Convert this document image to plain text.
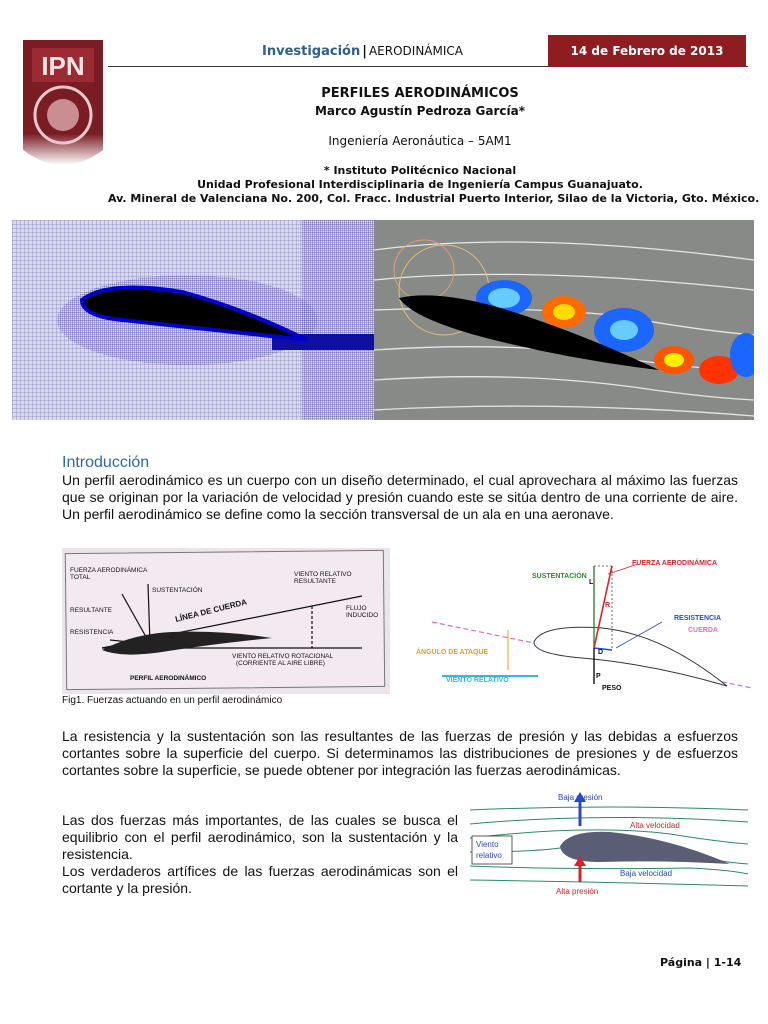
IPN	Investigación | AERODINÁMICA	14 de Febrero de 2013
PERFILES AERODINÁMICOS
Marco Agustín Pedroza García*
Ingeniería Aeronáutica – 5AM1
* Instituto Politécnico Nacional
Unidad Profesional Interdisciplinaria de Ingeniería Campus Guanajuato.
Av. Mineral de Valenciana No. 200, Col. Fracc. Industrial Puerto Interior, Silao de la Victoria, Gto. México.
Introducción
Un perfil aerodinámico es un cuerpo con un diseño determinado, el cual aprovechara al máximo las fuerzas que se originan por la variación de velocidad y presión cuando este se sitúa dentro de una corriente de aire. Un perfil aerodinámico se define como la sección transversal de un ala en una aeronave.
FUERZA AERODINÁMICA
TOTAL
SUSTENTACIÓN
RESULTANTE
RESISTENCIA
LÍNEA DE CUERDA
VIENTO RELATIVO
RESULTANTE
FLUJO
INDUCIDO
VIENTO RELATIVO ROTACIONAL
(CORRIENTE AL AIRE LIBRE)
PERFIL AERODINÁMICO
Fig1. Fuerzas actuando en un perfil aerodinámico
SUSTENTACIÓN
FUERZA AERODINÁMICA
RESISTENCIA
CUERDA
ÁNGULO DE ATAQUE
VIENTO RELATIVO
PESO
L
R
D
P
La resistencia y la sustentación son las resultantes de las fuerzas de presión y las debidas a esfuerzos cortantes sobre la superficie del cuerpo. Si determinamos las distribuciones de presiones y de esfuerzos cortantes sobre la superficie, se puede obtener por integración las fuerzas aerodinámicas.
Las dos fuerzas más importantes, de las cuales se busca el equilibrio con el perfil aerodinámico, son la sustentación y la resistencia.
Los verdaderos artífices de las fuerzas aerodinámicas son el cortante y la presión.
Baja presión
Alta velocidad
Viento
relativo
Baja velocidad
Alta presión
Página | 1-14
